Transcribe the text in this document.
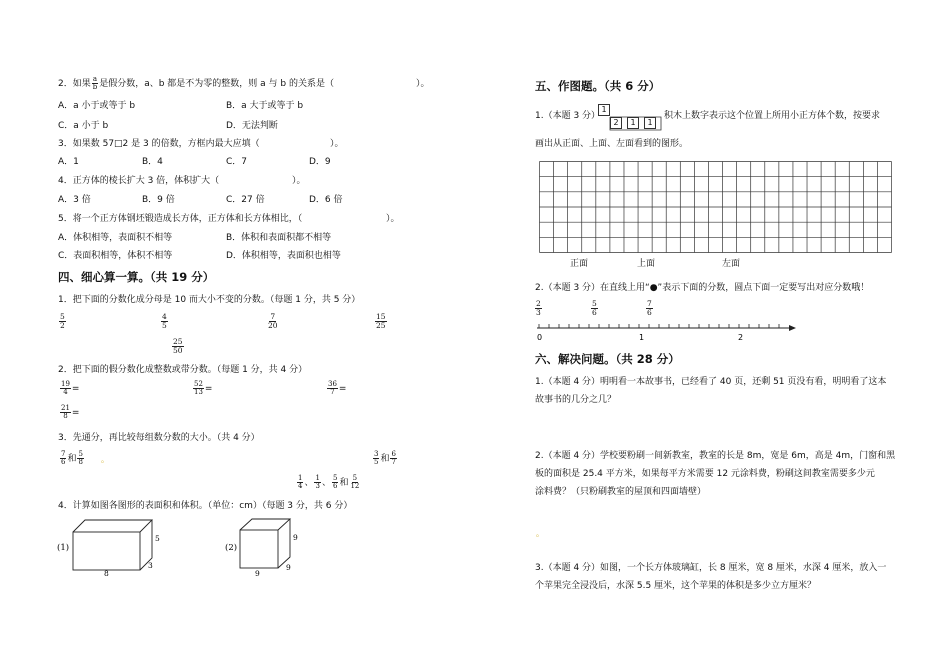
2．如果 $\frac{a}{b}$ 是假分数，a、b 都是不为零的整数，则 a 与 b 的关系是（	）。
A．a 小于或等于 b	B．a 大于或等于 b
C．a 小于 b	D．无法判断
3．如果数 57□2 是 3 的倍数，方框内最大应填（	）。
A．1	B．4	C．7	D．9
4．正方体的棱长扩大 3 倍，体积扩大（	）。
A．3 倍	B．9 倍	C．27 倍	D．6 倍
5．将一个正方体钢坯锻造成长方体，正方体和长方体相比，（	）。
A．体积相等，表面积不相等	B．体积和表面积都不相等
C．表面积相等，体积不相等	D．体积相等，表面积也相等
四、细心算一算。（共 19 分）
1．把下面的分数化成分母是 10 而大小不变的分数。（每题 1 分，共 5 分）
$\frac{5}{2}$	$\frac{4}{5}$	$\frac{7}{20}$	$\frac{15}{25}$
$\frac{25}{50}$
2．把下面的假分数化成整数或带分数。（每题 1 分，共 4 分）
$\frac{19}{4}$ =	$\frac{52}{13}$ =	$\frac{36}{7}$ =
$\frac{21}{8}$ =
3．先通分，再比较每组数分数的大小。（共 4 分）
$\frac{7}{6}$ 和 $\frac{5}{8}$ 。	$\frac{3}{5}$ 和 $\frac{6}{7}$
$\frac{1}{4}$ 、 $\frac{1}{3}$ 、 $\frac{5}{6}$ 和 $\frac{5}{12}$
4．计算如图各图形的表面积和体积。（单位：cm）（每题 3 分，共 6 分）
(1)
8
3
5
(2)
9
9
9
五、作图题。（共 6 分）
1.（本题 3 分）
1
2	1	1
积木上数字表示这个位置上所用小正方体个数，按要求
画出从正面、上面、左面看到的图形。
正面	上面	左面
2.（本题 3 分）在直线上用“●”表示下面的分数，圆点下面一定要写出对应分数哦！
$\frac{2}{3}$	$\frac{5}{6}$	$\frac{7}{6}$
0	1	2
六、解决问题。（共 28 分）
1.（本题 4 分）明明看一本故事书，已经看了 40 页，还剩 51 页没有看，明明看了这本
故事书的几分之几？
2.（本题 4 分）学校要粉刷一间新教室，教室的长是 8m，宽是 6m，高是 4m，门窗和黑
板的面积是 25.4 平方米，如果每平方米需要 12 元涂料费，粉刷这间教室需要多少元
涂料费？（只粉刷教室的屋顶和四面墙壁）
。
3.（本题 4 分）如图，一个长方体玻璃缸，长 8 厘米，宽 8 厘米，水深 4 厘米，放入一
个苹果完全浸没后，水深 5.5 厘米，这个苹果的体积是多少立方厘米？
